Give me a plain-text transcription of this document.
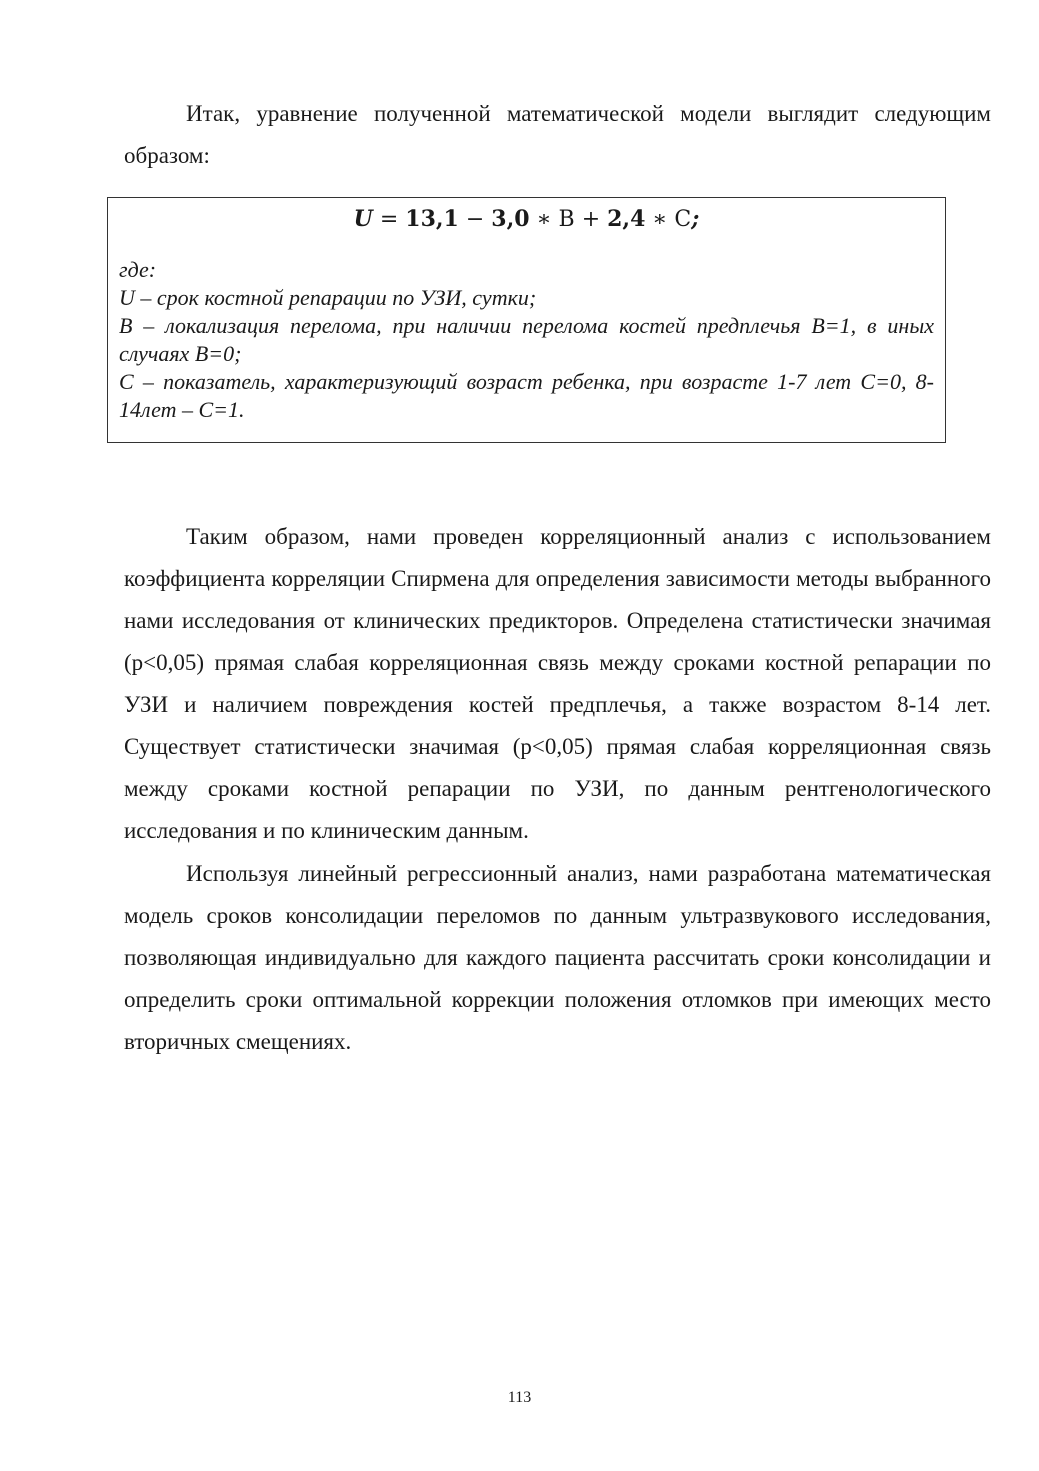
Итак, уравнение полученной математической модели выглядит следующим образом:

U = 13,1 − 3,0 ∗ B + 2,4 ∗ C;
где:
U – срок костной репарации по УЗИ, сутки;
B – локализация перелома, при наличии перелома костей предплечья B=1, в иных случаях B=0;
C – показатель, характеризующий возраст ребенка, при возрасте 1-7 лет C=0, 8-14лет – C=1.

Таким образом, нами проведен корреляционный анализ с использованием коэффициента корреляции Спирмена для определения зависимости методы выбранного нами исследования от клинических предикторов. Определена статистически значимая (p<0,05) прямая слабая корреляционная связь между сроками костной репарации по УЗИ и наличием повреждения костей предплечья, а также возрастом 8-14 лет. Существует статистически значимая (p<0,05) прямая слабая корреляционная связь между сроками костной репарации по УЗИ, по данным рентгенологического исследования и по клиническим данным.

Используя линейный регрессионный анализ, нами разработана математическая модель сроков консолидации переломов по данным ультразвукового исследования, позволяющая индивидуально для каждого пациента рассчитать сроки консолидации и определить сроки оптимальной коррекции положения отломков при имеющих место вторичных смещениях.

113
